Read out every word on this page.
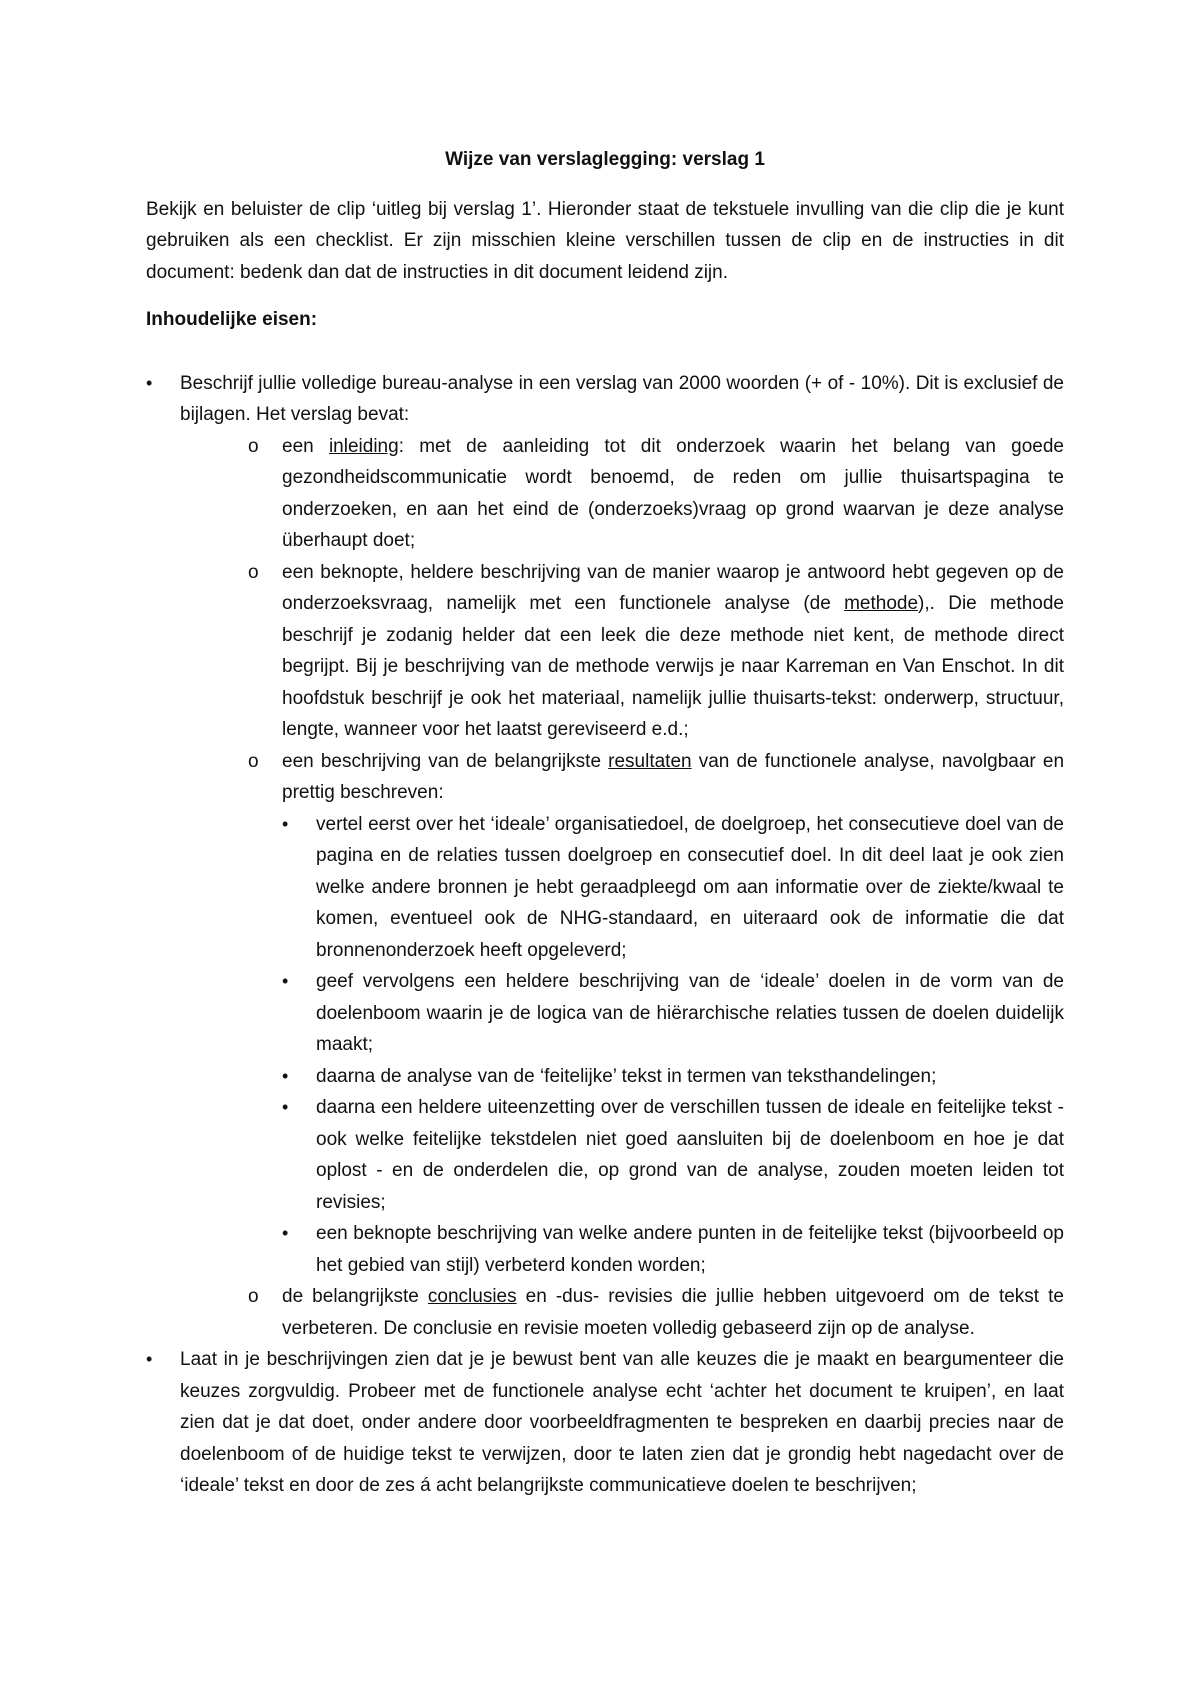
Wijze van verslaglegging: verslag 1

Bekijk en beluister de clip ‘uitleg bij verslag 1’. Hieronder staat de tekstuele invulling van die clip die je kunt gebruiken als een checklist. Er zijn misschien kleine verschillen tussen de clip en de instructies in dit document: bedenk dan dat de instructies in dit document leidend zijn.

Inhoudelijke eisen:
• Beschrijf jullie volledige bureau-analyse in een verslag van 2000 woorden (+ of - 10%). Dit is exclusief de bijlagen. Het verslag bevat:
o een inleiding: met de aanleiding tot dit onderzoek waarin het belang van goede gezondheidscommunicatie wordt benoemd, de reden om jullie thuisartspagina te onderzoeken, en aan het eind de (onderzoeks)vraag op grond waarvan je deze analyse überhaupt doet;
o een beknopte, heldere beschrijving van de manier waarop je antwoord hebt gegeven op de onderzoeksvraag, namelijk met een functionele analyse (de methode),. Die methode beschrijf je zodanig helder dat een leek die deze methode niet kent, de methode direct begrijpt. Bij je beschrijving van de methode verwijs je naar Karreman en Van Enschot. In dit hoofdstuk beschrijf je ook het materiaal, namelijk jullie thuisarts-tekst: onderwerp, structuur, lengte, wanneer voor het laatst gereviseerd e.d.;
o een beschrijving van de belangrijkste resultaten van de functionele analyse, navolgbaar en prettig beschreven:
• vertel eerst over het ‘ideale’ organisatiedoel, de doelgroep, het consecutieve doel van de pagina en de relaties tussen doelgroep en consecutief doel. In dit deel laat je ook zien welke andere bronnen je hebt geraadpleegd om aan informatie over de ziekte/kwaal te komen, eventueel ook de NHG-standaard, en uiteraard ook de informatie die dat bronnenonderzoek heeft opgeleverd;
• geef vervolgens een heldere beschrijving van de ‘ideale’ doelen in de vorm van de doelenboom waarin je de logica van de hiërarchische relaties tussen de doelen duidelijk maakt;
• daarna de analyse van de ‘feitelijke’ tekst in termen van teksthandelingen;
• daarna een heldere uiteenzetting over de verschillen tussen de ideale en feitelijke tekst - ook welke feitelijke tekstdelen niet goed aansluiten bij de doelenboom en hoe je dat oplost - en de onderdelen die, op grond van de analyse, zouden moeten leiden tot revisies;
• een beknopte beschrijving van welke andere punten in de feitelijke tekst (bijvoorbeeld op het gebied van stijl) verbeterd konden worden;
o de belangrijkste conclusies en -dus- revisies die jullie hebben uitgevoerd om de tekst te verbeteren. De conclusie en revisie moeten volledig gebaseerd zijn op de analyse.
• Laat in je beschrijvingen zien dat je je bewust bent van alle keuzes die je maakt en beargumenteer die keuzes zorgvuldig. Probeer met de functionele analyse echt ‘achter het document te kruipen’, en laat zien dat je dat doet, onder andere door voorbeeldfragmenten te bespreken en daarbij precies naar de doelenboom of de huidige tekst te verwijzen, door te laten zien dat je grondig hebt nagedacht over de ‘ideale’ tekst en door de zes á acht belangrijkste communicatieve doelen te beschrijven;
